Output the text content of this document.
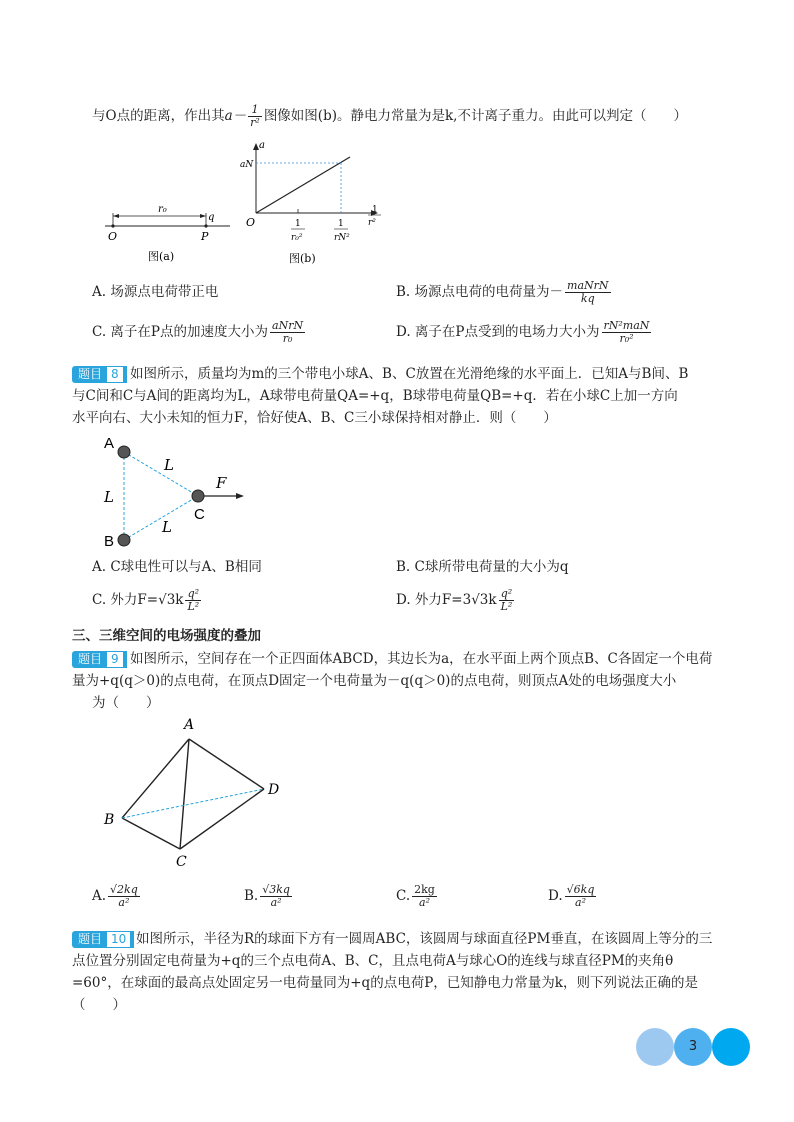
与O点的距离，作出其$a- \frac{1}{\text{r²}}$ 图像如图(b)。静电力常量为是k,不计离子重力。由此可以判定（　　）
r₀
q
O	P
图(a)
a
aN
O	1
r₀²
1
rN²
1
r²
图(b)
A. 场源点电荷带正电	B. 场源点电荷的电荷量为－ $\frac{\text{maNrN}}{kq}$
C. 离子在P点的加速度大小为 $\frac{\text{aNrN}}{\text{r₀}}$	D. 离子在P点受到的电场力大小为 $\frac{\text{rN²maN}}{\text{r₀²}}$
题目 8 如图所示，质量均为m的三个带电小球A、B、C放置在光滑绝缘的水平面上．已知A与B间、B
与C间和C与A间的距离均为L，A球带电荷量QA=+q，B球带电荷量QB=+q．若在小球C上加一方向
水平向右、大小未知的恒力F，恰好使A、B、C三小球保持相对静止．则（　　）
A
B
C
F
L
L
L
A. C球电性可以与A、B相同	B. C球所带电荷量的大小为q
C. 外力$F=√3k \frac{\text{q²}}{\text{L²}}$	D. 外力$F=3√3k \frac{\text{q²}}{\text{L²}}$
三、三维空间的电场强度的叠加
题目 9 如图所示，空间存在一个正四面体ABCD，其边长为a，在水平面上两个顶点B、C各固定一个电荷
量为+q(q＞0)的点电荷，在顶点D固定一个电荷量为－q(q＞0)的点电荷，则顶点A处的电场强度大小
为（　　）
A
B
C
D
A. $\frac{√2kq}{\text{a²}}$	B. $\frac{√3kq}{\text{a²}}$	C. $\frac{2kg}{\text{a²}}$	D. $\frac{√6kq}{\text{a²}}$
题目 10 如图所示，半径为R的球面下方有一圆周ABC，该圆周与球面直径PM垂直，在该圆周上等分的三
点位置分别固定电荷量为+q的三个点电荷A、B、C，且点电荷A与球心O的连线与球直径PM的夹角θ
=60°，在球面的最高点处固定另一电荷量同为+q的点电荷P，已知静电力常量为k，则下列说法正确的是
（　　）
3
